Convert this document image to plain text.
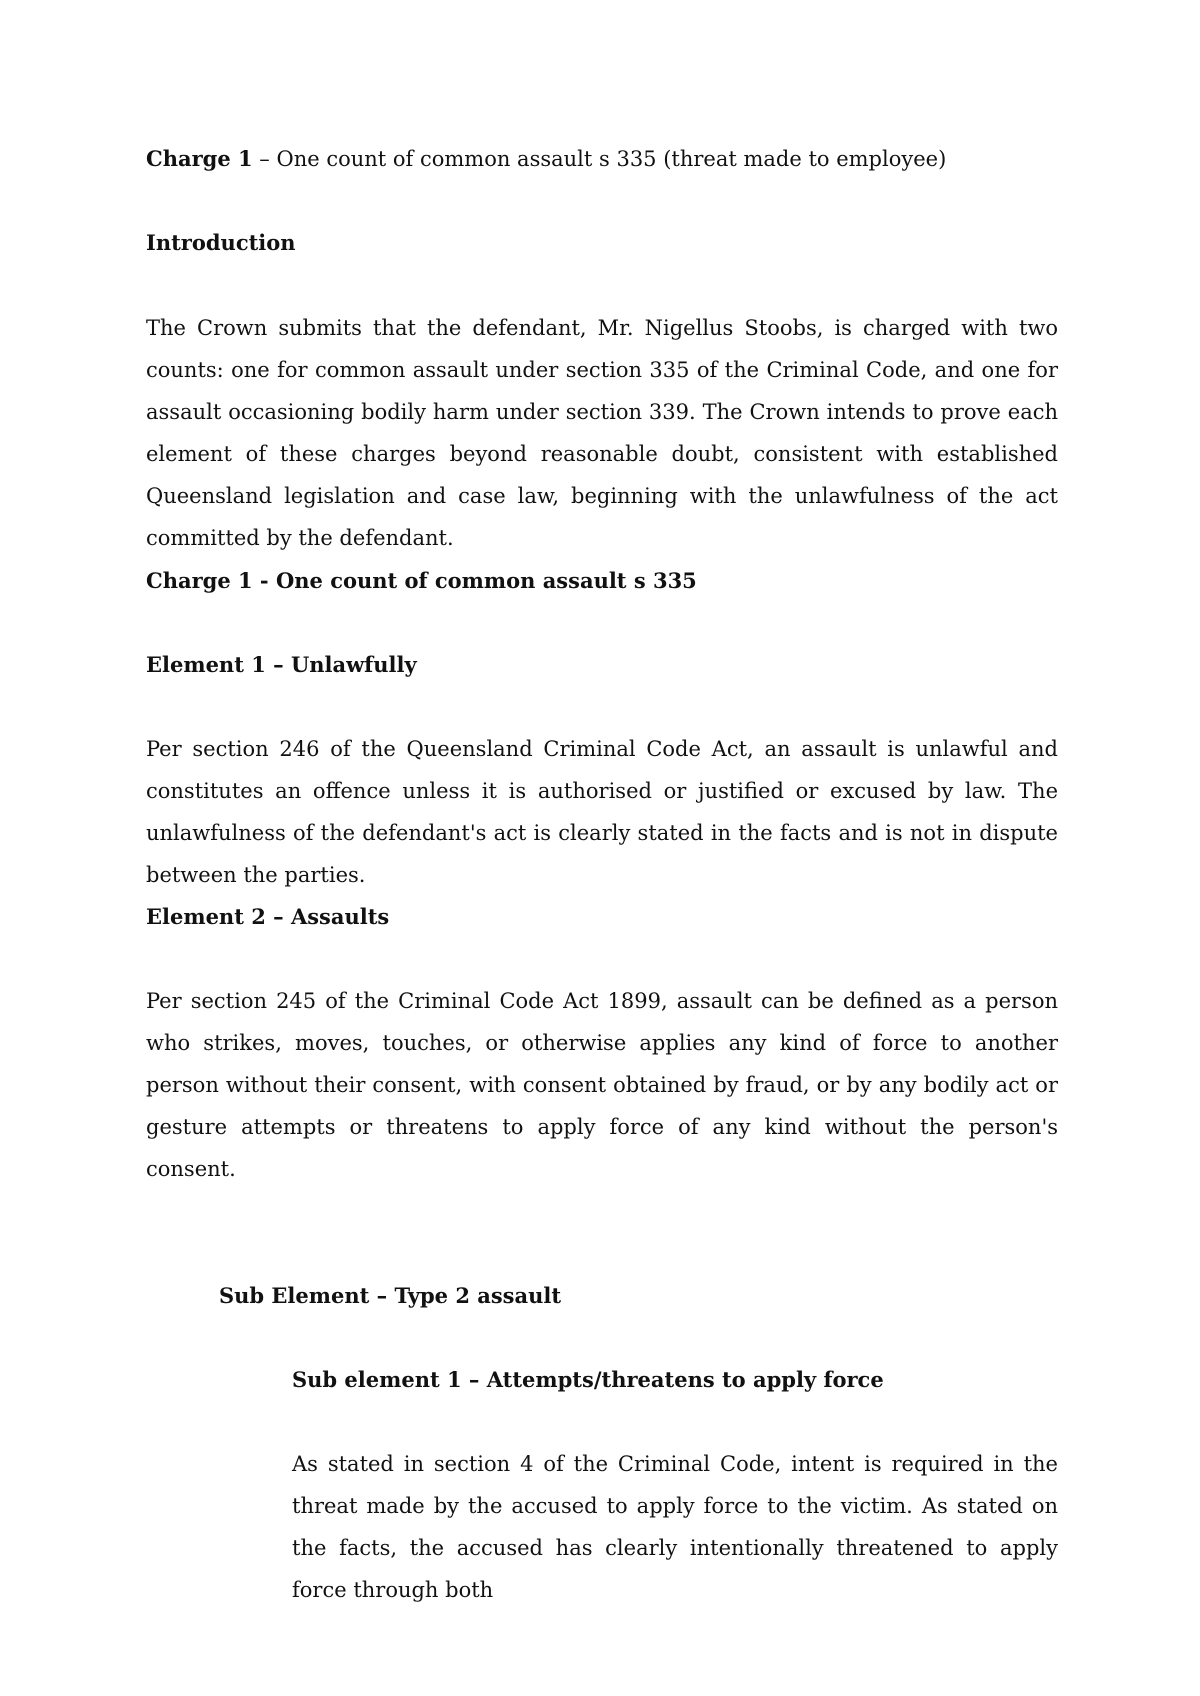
Charge 1 – One count of common assault s 335 (threat made to employee)

Introduction

The Crown submits that the defendant, Mr. Nigellus Stoobs, is charged with two counts: one for common assault under section 335 of the Criminal Code, and one for assault occasioning bodily harm under section 339. The Crown intends to prove each element of these charges beyond reasonable doubt, consistent with established Queensland legislation and case law, beginning with the unlawfulness of the act committed by the defendant.

Charge 1 - One count of common assault s 335

Element 1 – Unlawfully

Per section 246 of the Queensland Criminal Code Act, an assault is unlawful and constitutes an offence unless it is authorised or justified or excused by law. The unlawfulness of the defendant's act is clearly stated in the facts and is not in dispute between the parties.

Element 2 – Assaults

Per section 245 of the Criminal Code Act 1899, assault can be defined as a person who strikes, moves, touches, or otherwise applies any kind of force to another person without their consent, with consent obtained by fraud, or by any bodily act or gesture attempts or threatens to apply force of any kind without the person's consent.

Sub Element – Type 2 assault

Sub element 1 – Attempts/threatens to apply force

As stated in section 4 of the Criminal Code, intent is required in the threat made by the accused to apply force to the victim. As stated on the facts, the accused has clearly intentionally threatened to apply force through both
